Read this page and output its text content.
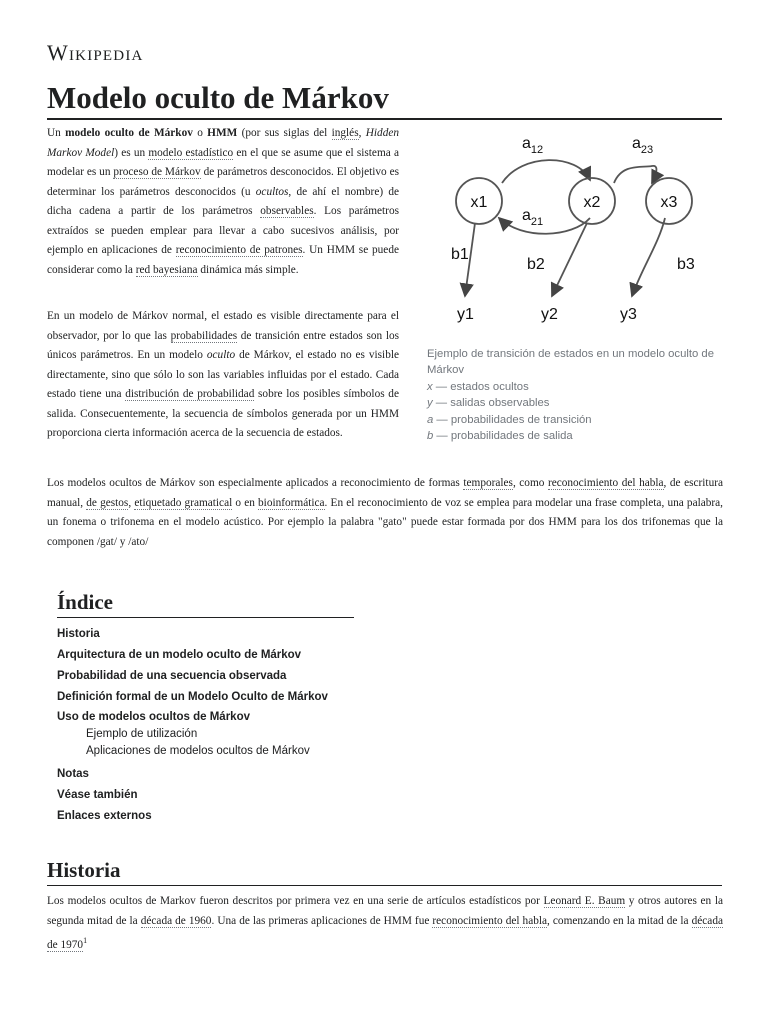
Wikipedia
Modelo oculto de Márkov

Un modelo oculto de Márkov o HMM (por sus siglas del inglés, Hidden Markov Model) es un modelo estadístico en el que se asume que el sistema a modelar es un proceso de Márkov de parámetros desconocidos. El objetivo es determinar los parámetros desconocidos (u ocultos, de ahí el nombre) de dicha cadena a partir de los parámetros observables. Los parámetros extraídos se pueden emplear para llevar a cabo sucesivos análisis, por ejemplo en aplicaciones de reconocimiento de patrones. Un HMM se puede considerar como la red bayesiana dinámica más simple.

En un modelo de Márkov normal, el estado es visible directamente para el observador, por lo que las probabilidades de transición entre estados son los únicos parámetros. En un modelo oculto de Márkov, el estado no es visible directamente, sino que sólo lo son las variables influidas por el estado. Cada estado tiene una distribución de probabilidad sobre los posibles símbolos de salida. Consecuentemente, la secuencia de símbolos generada por un HMM proporciona cierta información acerca de la secuencia de estados.

x1	x2	x3
y1	y2	y3
b1
b2	b3
$a_{12}$
$a_{21}$
$a_{23}$
Ejemplo de transición de estados en un modelo oculto de Márkov
x — estados ocultos
y — salidas observables
a — probabilidades de transición
b — probabilidades de salida

Los modelos ocultos de Márkov son especialmente aplicados a reconocimiento de formas temporales, como reconocimiento del habla, de escritura manual, de gestos, etiquetado gramatical o en bioinformática. En el reconocimiento de voz se emplea para modelar una frase completa, una palabra, un fonema o trifonema en el modelo acústico. Por ejemplo la palabra "gato" puede estar formada por dos HMM para los dos trifonemas que la componen /gat/ y /ato/

Índice
Historia
Arquitectura de un modelo oculto de Márkov
Probabilidad de una secuencia observada
Definición formal de un Modelo Oculto de Márkov
Uso de modelos ocultos de Márkov
Ejemplo de utilización
Aplicaciones de modelos ocultos de Márkov
Notas
Véase también
Enlaces externos
Historia

Los modelos ocultos de Markov fueron descritos por primera vez en una serie de artículos estadísticos por Leonard E. Baum y otros autores en la segunda mitad de la década de 1960. Una de las primeras aplicaciones de HMM fue reconocimiento del habla, comenzando en la mitad de la década de 1970$^1$
